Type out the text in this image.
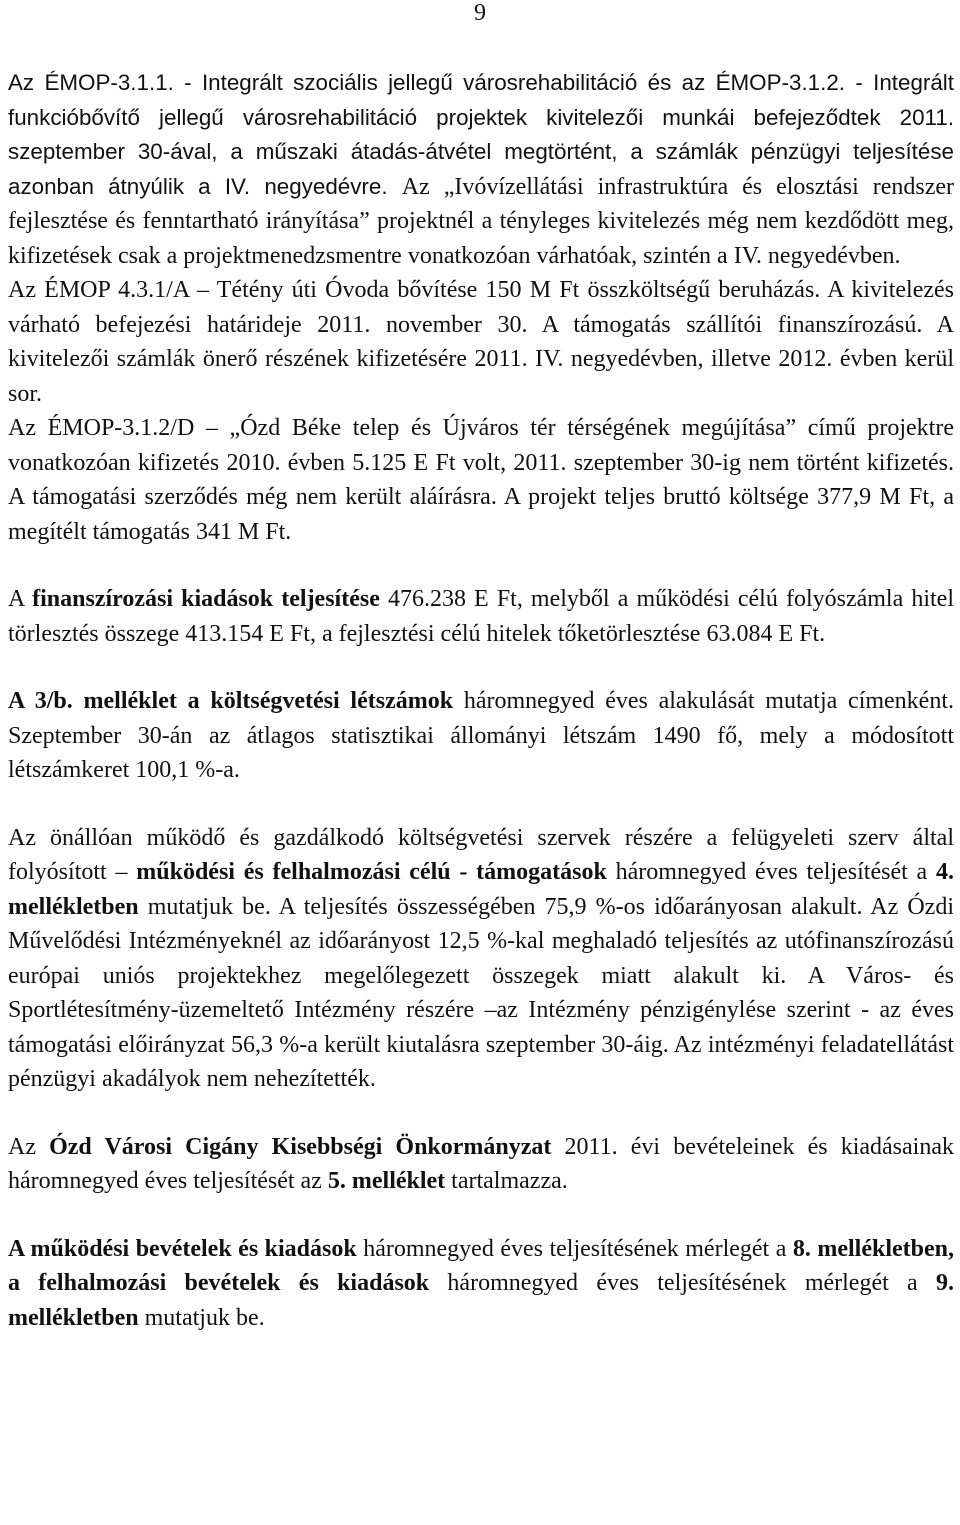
9

Az ÉMOP-3.1.1. - Integrált szociális jellegű városrehabilitáció és az ÉMOP-3.1.2. - Integrált funkcióbővítő jellegű városrehabilitáció projektek kivitelezői munkái befejeződtek 2011. szeptember 30-ával, a műszaki átadás-átvétel megtörtént, a számlák pénzügyi teljesítése azonban átnyúlik a IV. negyedévre. Az „Ivóvízellátási infrastruktúra és elosztási rendszer fejlesztése és fenntartható irányítása” projektnél a tényleges kivitelezés még nem kezdődött meg, kifizetések csak a projektmenedzsmentre vonatkozóan várhatóak, szintén a IV. negyedévben.

Az ÉMOP 4.3.1/A – Tétény úti Óvoda bővítése 150 M Ft összköltségű beruházás. A kivitelezés várható befejezési határideje 2011. november 30. A támogatás szállítói finanszírozású. A kivitelezői számlák önerő részének kifizetésére 2011. IV. negyedévben, illetve 2012. évben kerül sor.

Az ÉMOP-3.1.2/D – „Ózd Béke telep és Újváros tér térségének megújítása” című projektre vonatkozóan kifizetés 2010. évben 5.125 E Ft volt, 2011. szeptember 30-ig nem történt kifizetés. A támogatási szerződés még nem került aláírásra. A projekt teljes bruttó költsége 377,9 M Ft, a megítélt támogatás 341 M Ft.

A finanszírozási kiadások teljesítése 476.238 E Ft, melyből a működési célú folyószámla hitel törlesztés összege 413.154 E Ft, a fejlesztési célú hitelek tőketörlesztése 63.084 E Ft.

A 3/b. melléklet a költségvetési létszámok háromnegyed éves alakulását mutatja címenként. Szeptember 30-án az átlagos statisztikai állományi létszám 1490 fő, mely a módosított létszámkeret 100,1 %-a.

Az önállóan működő és gazdálkodó költségvetési szervek részére a felügyeleti szerv által folyósított – működési és felhalmozási célú - támogatások háromnegyed éves teljesítését a 4. mellékletben mutatjuk be. A teljesítés összességében 75,9 %-os időarányosan alakult. Az Ózdi Művelődési Intézményeknél az időarányost 12,5 %-kal meghaladó teljesítés az utófinanszírozású európai uniós projektekhez megelőlegezett összegek miatt alakult ki. A Város- és Sportlétesítmény-üzemeltető Intézmény részére –az Intézmény pénzigénylése szerint - az éves támogatási előirányzat 56,3 %-a került kiutalásra szeptember 30-áig. Az intézményi feladatellátást pénzügyi akadályok nem nehezítették.

Az Ózd Városi Cigány Kisebbségi Önkormányzat 2011. évi bevételeinek és kiadásainak háromnegyed éves teljesítését az 5. melléklet tartalmazza.

A működési bevételek és kiadások háromnegyed éves teljesítésének mérlegét a 8. mellékletben, a felhalmozási bevételek és kiadások háromnegyed éves teljesítésének mérlegét a 9. mellékletben mutatjuk be.
